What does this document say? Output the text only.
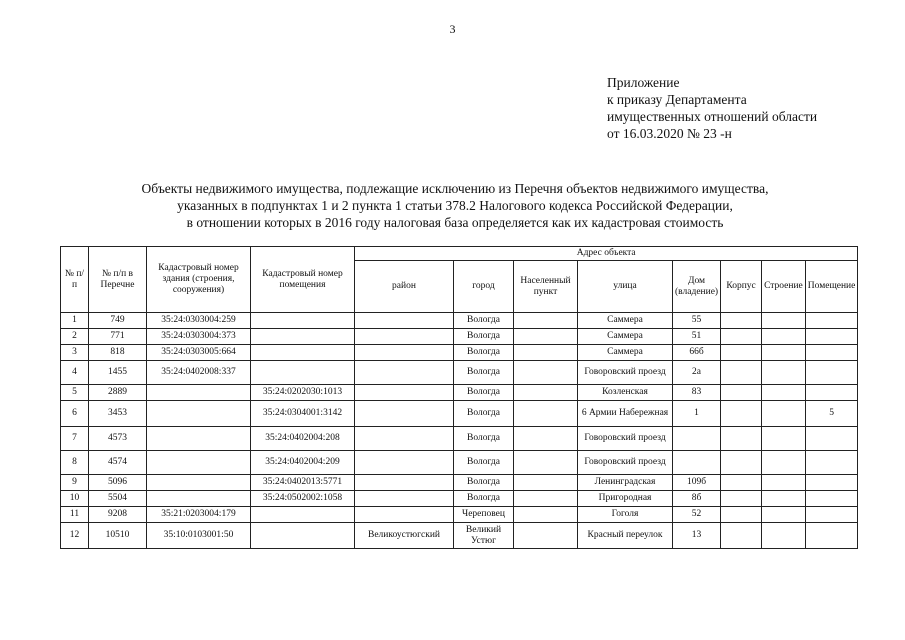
3
Приложение
к приказу Департамента
имущественных отношений области
от 16.03.2020 № 23 -н
Объекты недвижимого имущества, подлежащие исключению из Перечня объектов недвижимого имущества,
указанных в подпунктах 1 и 2 пункта 1 статьи 378.2 Налогового кодекса Российской Федерации,
в отношении которых в 2016 году налоговая база определяется как их кадастровая стоимость
№ п/п	№ п/п в Перечне	Кадастровый номер здания (строения, сооружения)	Кадастровый номер помещения	Адрес объекта							
				район	город	Населенный пункт	улица	Дом (владение)	Корпус	Строение	Помещение
1	749	35:24:0303004:259			Вологда		Саммера	55			
2	771	35:24:0303004:373			Вологда		Саммера	51			
3	818	35:24:0303005:664			Вологда		Саммера	66б			
4	1455	35:24:0402008:337			Вологда		Говоровский проезд	2а			
5	2889		35:24:0202030:1013		Вологда		Козленская	83			
6	3453		35:24:0304001:3142		Вологда		6 Армии Набережная	1			5
7	4573		35:24:0402004:208		Вологда		Говоровский проезд				
8	4574		35:24:0402004:209		Вологда		Говоровский проезд				
9	5096		35:24:0402013:5771		Вологда		Ленинградская	109б			
10	5504		35:24:0502002:1058		Вологда		Пригородная	8б			
11	9208	35:21:0203004:179			Череповец		Гоголя	52			
12	10510	35:10:0103001:50		Великоустюгский	Великий Устюг		Красный переулок	13			
